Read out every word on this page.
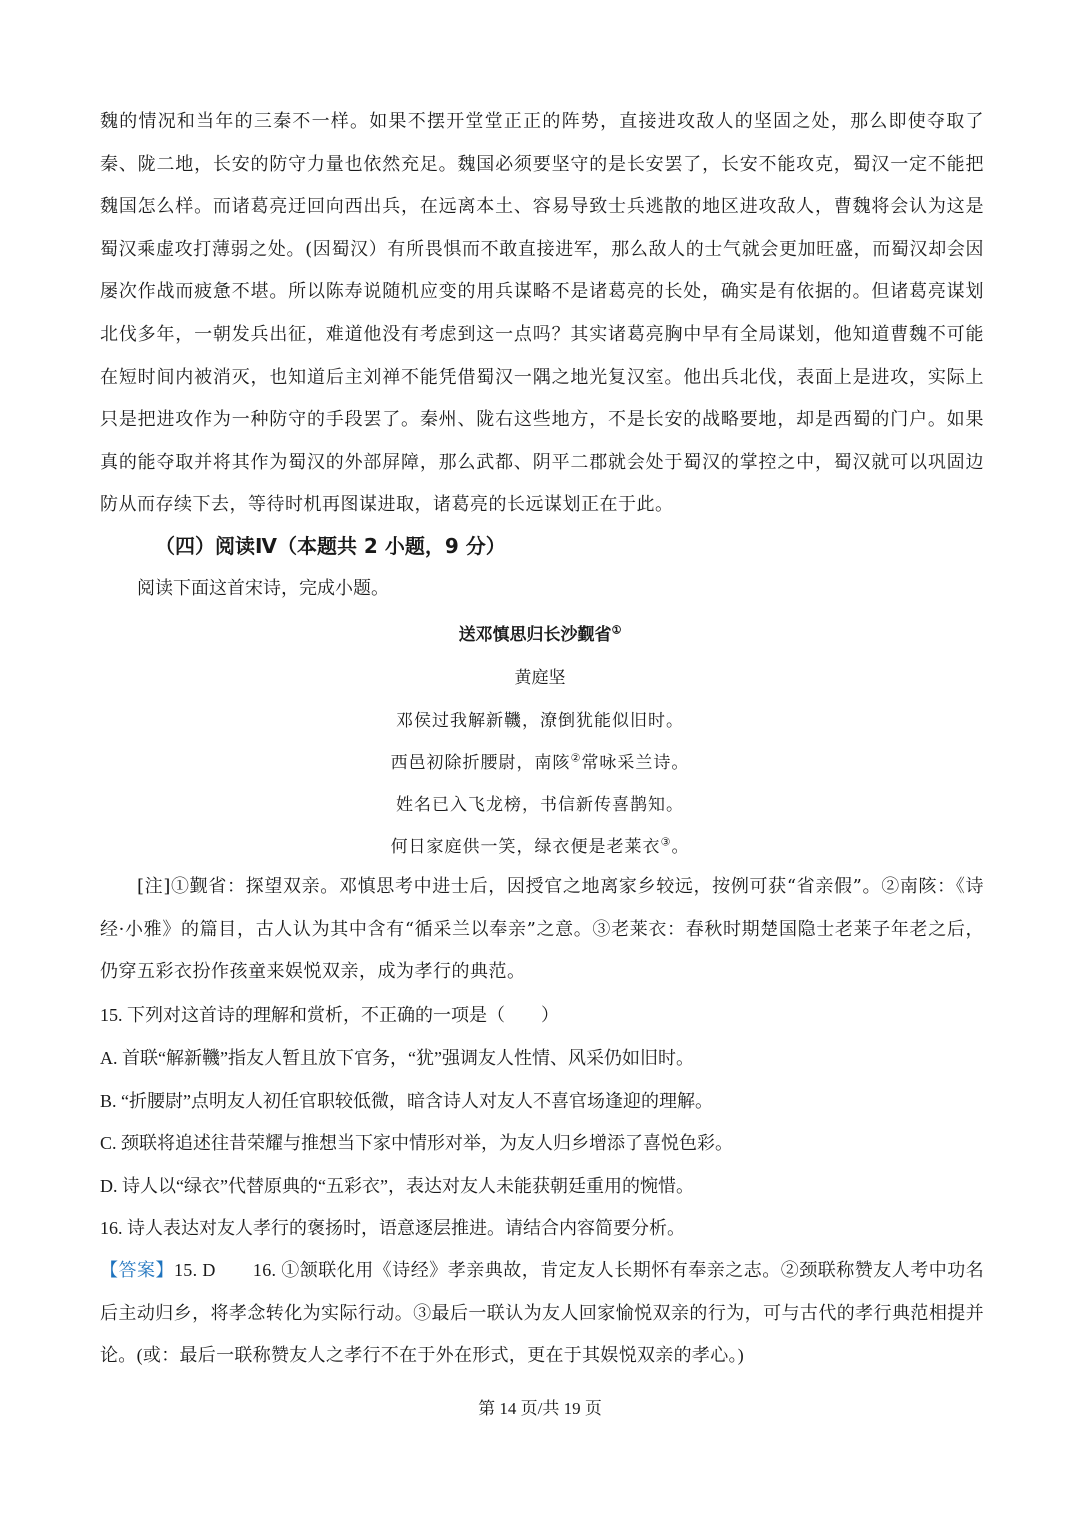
魏的情况和当年的三秦不一样。如果不摆开堂堂正正的阵势，直接进攻敌人的坚固之处，那么即使夺取了秦、陇二地，长安的防守力量也依然充足。魏国必须要坚守的是长安罢了，长安不能攻克，蜀汉一定不能把魏国怎么样。而诸葛亮迂回向西出兵，在远离本土、容易导致士兵逃散的地区进攻敌人，曹魏将会认为这是蜀汉乘虚攻打薄弱之处。(因蜀汉）有所畏惧而不敢直接进军，那么敌人的士气就会更加旺盛，而蜀汉却会因屡次作战而疲惫不堪。所以陈寿说随机应变的用兵谋略不是诸葛亮的长处，确实是有依据的。但诸葛亮谋划北伐多年，一朝发兵出征，难道他没有考虑到这一点吗？其实诸葛亮胸中早有全局谋划，他知道曹魏不可能在短时间内被消灭，也知道后主刘禅不能凭借蜀汉一隅之地光复汉室。他出兵北伐，表面上是进攻，实际上只是把进攻作为一种防守的手段罢了。秦州、陇右这些地方，不是长安的战略要地，却是西蜀的门户。如果真的能夺取并将其作为蜀汉的外部屏障，那么武都、阴平二郡就会处于蜀汉的掌控之中，蜀汉就可以巩固边防从而存续下去，等待时机再图谋进取，诸葛亮的长远谋划正在于此。

（四）阅读Ⅳ（本题共 2 小题，9 分）

阅读下面这首宋诗，完成小题。

送邓慎思归长沙觐省①

黄庭坚

邓侯过我解新鞿，潦倒犹能似旧时。

西邑初除折腰尉，南陔②常咏采兰诗。

姓名已入飞龙榜，书信新传喜鹊知。

何日家庭供一笑，绿衣便是老莱衣③。

[注]①觐省：探望双亲。邓慎思考中进士后，因授官之地离家乡较远，按例可获“省亲假”。②南陔：《诗经·小雅》的篇目，古人认为其中含有“循采兰以奉亲”之意。③老莱衣：春秋时期楚国隐士老莱子年老之后，仍穿五彩衣扮作孩童来娱悦双亲，成为孝行的典范。

15. 下列对这首诗的理解和赏析，不正确的一项是（　　）

A. 首联“解新鞿”指友人暂且放下官务，“犹”强调友人性情、风采仍如旧时。

B. “折腰尉”点明友人初任官职较低微，暗含诗人对友人不喜官场逢迎的理解。

C. 颈联将追述往昔荣耀与推想当下家中情形对举，为友人归乡增添了喜悦色彩。

D. 诗人以“绿衣”代替原典的“五彩衣”，表达对友人未能获朝廷重用的惋惜。

16. 诗人表达对友人孝行的褒扬时，语意逐层推进。请结合内容简要分析。

【答案】15. D　　16. ①颔联化用《诗经》孝亲典故，肯定友人长期怀有奉亲之志。②颈联称赞友人考中功名后主动归乡，将孝念转化为实际行动。③最后一联认为友人回家愉悦双亲的行为，可与古代的孝行典范相提并论。(或：最后一联称赞友人之孝行不在于外在形式，更在于其娱悦双亲的孝心。)

第 14 页/共 19 页
